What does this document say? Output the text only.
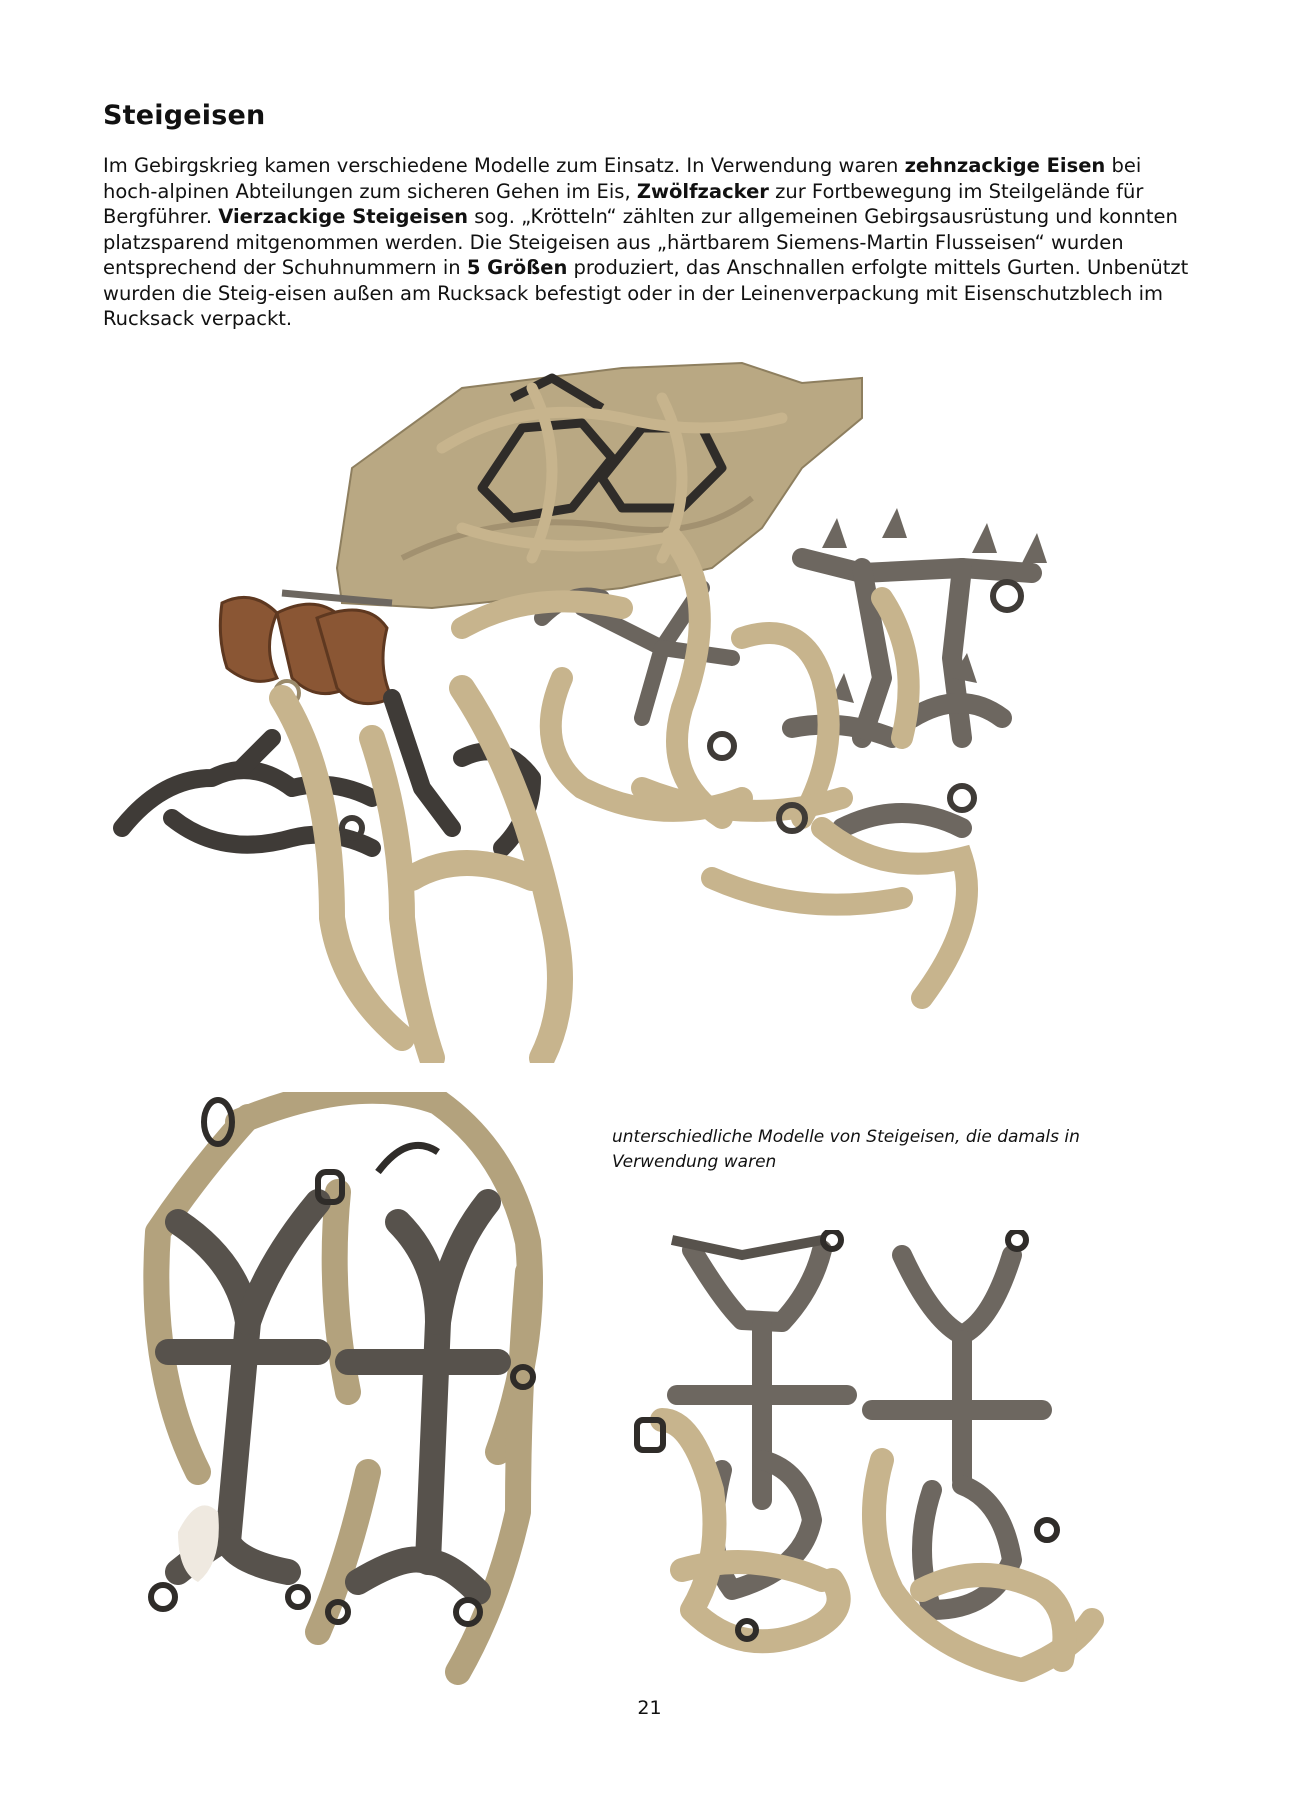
Steigeisen

Im Gebirgskrieg kamen verschiedene Modelle zum Einsatz. In Verwendung waren zehnzackige Eisen bei hoch-alpinen Abteilungen zum sicheren Gehen im Eis, Zwölfzacker zur Fortbewegung im Steilgelände für Bergführer. Vierzackige Steigeisen sog. „Krötteln“ zählten zur allgemeinen Gebirgsausrüstung und konnten platzsparend mitgenommen werden. Die Steigeisen aus „härtbarem Siemens-Martin Flusseisen“ wurden entsprechend der Schuhnummern in 5 Größen produziert, das Anschnallen erfolgte mittels Gurten. Unbenützt wurden die Steig-eisen außen am Rucksack befestigt oder in der Leinenverpackung mit Eisenschutzblech im Rucksack verpackt.

unterschiedliche Modelle von Steigeisen, die damals in Verwendung waren

21
